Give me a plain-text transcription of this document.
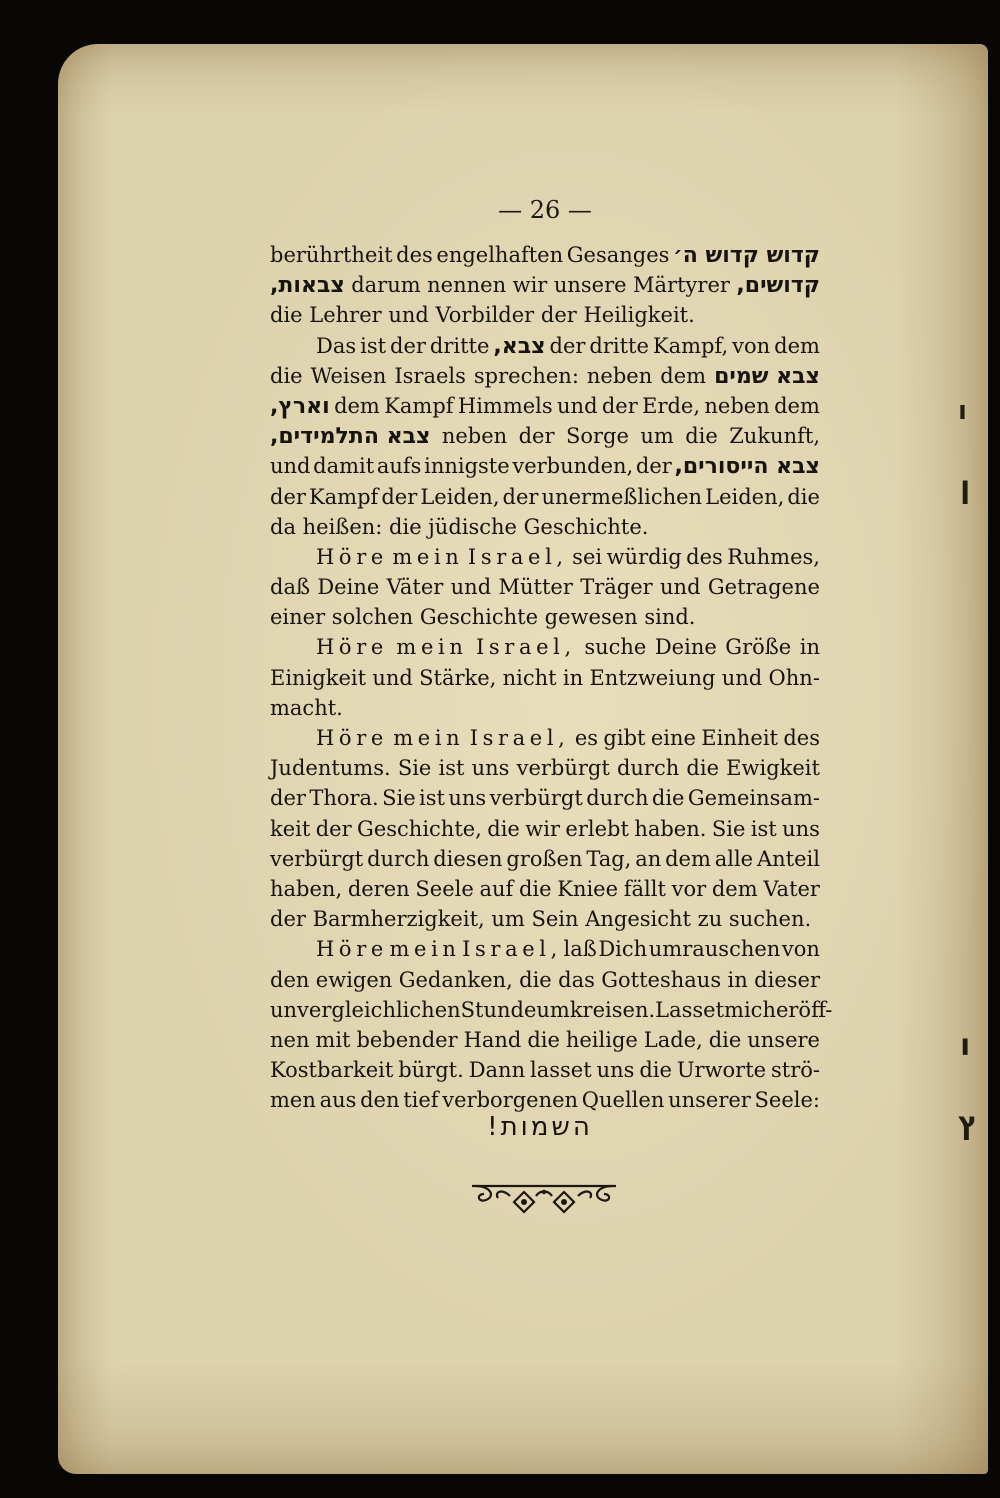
— 26 —
berührtheit des engelhaften Gesanges קדוש קדוש ה׳
צבאות, darum nennen wir unsere Märtyrer קדושים,
die Lehrer und Vorbilder der Heiligkeit.
Das ist der dritte צבא, der dritte Kampf, von dem
die Weisen Israels sprechen: neben dem צבא שמים
וארץ, dem Kampf Himmels und der Erde, neben dem
צבא התלמידים, neben der Sorge um die Zukunft,
und damit aufs innigste verbunden, der צבא הייסורים,
der Kampf der Leiden, der unermeßlichen Leiden, die
da heißen: die jüdische Geschichte.
Höre mein Israel, sei würdig des Ruhmes,
daß Deine Väter und Mütter Träger und Getragene
einer solchen Geschichte gewesen sind.
Höre mein Israel, suche Deine Größe in
Einigkeit und Stärke, nicht in Entzweiung und Ohn-
macht.
Höre mein Israel, es gibt eine Einheit des
Judentums. Sie ist uns verbürgt durch die Ewigkeit
der Thora. Sie ist uns verbürgt durch die Gemeinsam-
keit der Geschichte, die wir erlebt haben. Sie ist uns
verbürgt durch diesen großen Tag, an dem alle Anteil
haben, deren Seele auf die Kniee fällt vor dem Vater
der Barmherzigkeit, um Sein Angesicht zu suchen.
Höre mein Israel, laß Dich umrauschen von
den ewigen Gedanken, die das Gotteshaus in dieser
unvergleichlichen Stunde umkreisen. Lasset mich eröff-
nen mit bebender Hand die heilige Lade, die unsere
Kostbarkeit bürgt. Dann lasset uns die Urworte strö-
men aus den tief verborgenen Quellen unserer Seele:
השמות!
ו
ן
ו
ץ
